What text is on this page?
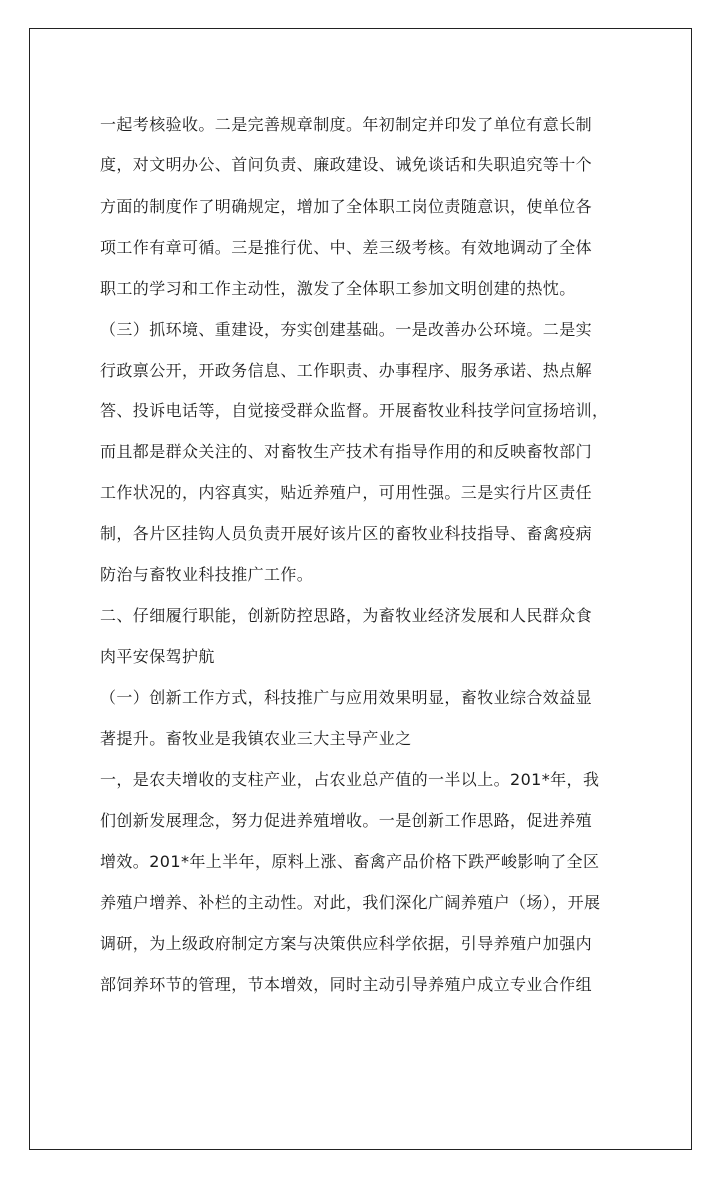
一起考核验收。二是完善规章制度。年初制定并印发了单位有意长制
度，对文明办公、首问负责、廉政建设、诫免谈话和失职追究等十个
方面的制度作了明确规定，增加了全体职工岗位责随意识，使单位各
项工作有章可循。三是推行优、中、差三级考核。有效地调动了全体
职工的学习和工作主动性，激发了全体职工参加文明创建的热忱。
（三）抓环境、重建设，夯实创建基础。一是改善办公环境。二是实
行政禀公开，开政务信息、工作职责、办事程序、服务承诺、热点解
答、投诉电话等，自觉接受群众监督。开展畜牧业科技学问宣扬培训，
而且都是群众关注的、对畜牧生产技术有指导作用的和反映畜牧部门
工作状况的，内容真实，贴近养殖户，可用性强。三是实行片区责任
制，各片区挂钩人员负责开展好该片区的畜牧业科技指导、畜禽疫病
防治与畜牧业科技推广工作。
二、仔细履行职能，创新防控思路，为畜牧业经济发展和人民群众食
肉平安保驾护航
（一）创新工作方式，科技推广与应用效果明显，畜牧业综合效益显
著提升。畜牧业是我镇农业三大主导产业之
一，是农夫增收的支柱产业，占农业总产值的一半以上。201*年，我
们创新发展理念，努力促进养殖增收。一是创新工作思路，促进养殖
增效。201*年上半年，原料上涨、畜禽产品价格下跌严峻影响了全区
养殖户增养、补栏的主动性。对此，我们深化广阔养殖户（场），开展
调研，为上级政府制定方案与决策供应科学依据，引导养殖户加强内
部饲养环节的管理，节本增效，同时主动引导养殖户成立专业合作组
